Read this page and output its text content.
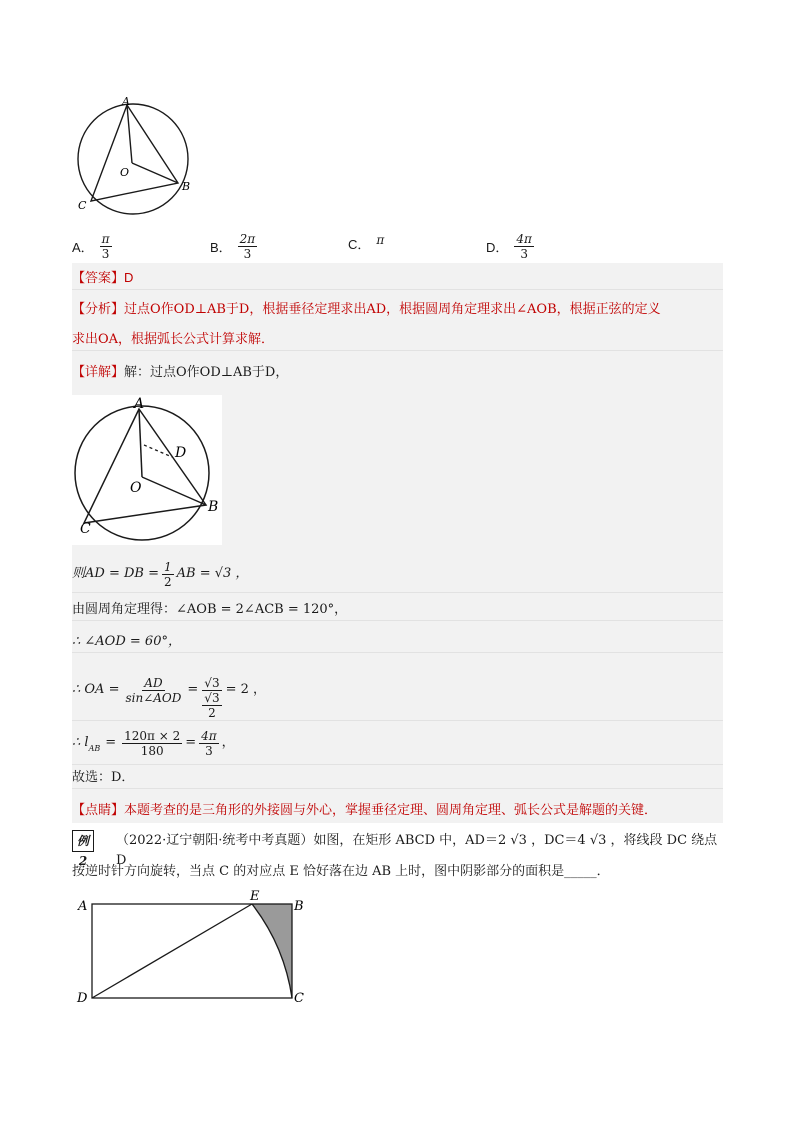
A
B
C
O
A． $\frac{\pi}{3}$	B． $\frac{2\pi}{3}$	C． π
D． $\frac{4\pi}{3}$
【答案】D
【分析】过点O作OD⊥AB于D，根据垂径定理求出AD，根据圆周角定理求出∠AOB，根据正弦的定义
求出OA，根据弧长公式计算求解．
【详解】解：过点O作OD⊥AB于D，
A
B
C
O
D
则AD = DB = $\frac{1}{2}$ AB = √3 ，
由圆周角定理得：∠AOB = 2∠ACB = 120°，
∴ ∠AOD = 60°，
∴ OA = $\frac{AD}{\text{sin∠AOD}} = \frac{√3}{\frac{√3}{2}} = 2$ ，
∴ l AB = $\frac{120\pi \times 2}{180} = \frac{4\pi}{3}$ ，
故选：D．
【点睛】本题考查的是三角形的外接圆与外心，掌握垂径定理、圆周角定理、弧长公式是解题的关键．
例2
（2022·辽宁朝阳·统考中考真题）如图，在矩形 ABCD 中，AD＝2 √3 ，DC＝4 √3 ，将线段 DC 绕点 D
按逆时针方向旋转，当点 C 的对应点 E 恰好落在边 AB 上时，图中阴影部分的面积是_____．
A	B
C
D
E
